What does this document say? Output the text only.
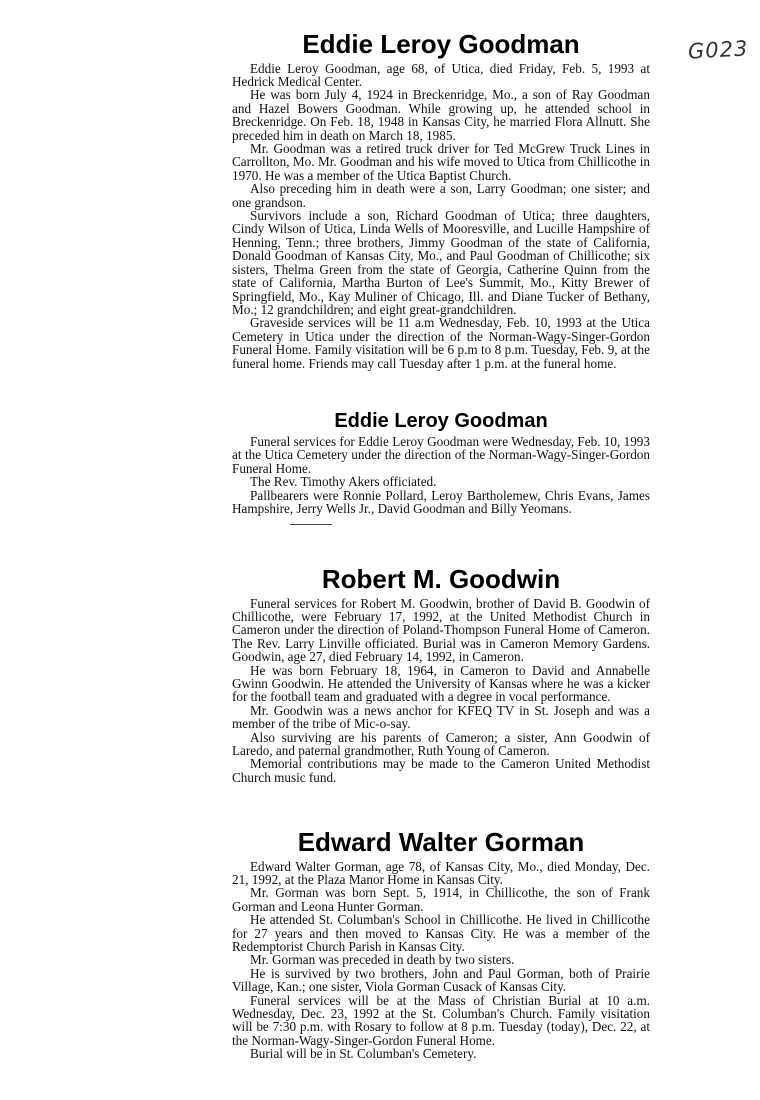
G023
Eddie Leroy Goodman

Eddie Leroy Goodman, age 68, of Utica, died Friday, Feb. 5, 1993 at Hedrick Medical Center.

He was born July 4, 1924 in Breckenridge, Mo., a son of Ray Goodman and Hazel Bowers Goodman. While growing up, he attended school in Breckenridge. On Feb. 18, 1948 in Kansas City, he married Flora Allnutt. She preceded him in death on March 18, 1985.

Mr. Goodman was a retired truck driver for Ted McGrew Truck Lines in Carrollton, Mo. Mr. Goodman and his wife moved to Utica from Chillicothe in 1970. He was a member of the Utica Baptist Church.

Also preceding him in death were a son, Larry Goodman; one sister; and one grandson.

Survivors include a son, Richard Goodman of Utica; three daughters, Cindy Wilson of Utica, Linda Wells of Mooresville, and Lucille Hampshire of Henning, Tenn.; three brothers, Jimmy Goodman of the state of California, Donald Goodman of Kansas City, Mo., and Paul Goodman of Chillicothe; six sisters, Thelma Green from the state of Georgia, Catherine Quinn from the state of California, Martha Burton of Lee's Summit, Mo., Kitty Brewer of Springfield, Mo., Kay Muliner of Chicago, Ill. and Diane Tucker of Bethany, Mo.; 12 grandchildren; and eight great-grandchildren.

Graveside services will be 11 a.m Wednesday, Feb. 10, 1993 at the Utica Cemetery in Utica under the direction of the Norman-Wagy-Singer-Gordon Funeral Home. Family visitation will be 6 p.m to 8 p.m. Tuesday, Feb. 9, at the funeral home. Friends may call Tuesday after 1 p.m. at the funeral home.

Eddie Leroy Goodman

Funeral services for Eddie Leroy Goodman were Wednesday, Feb. 10, 1993 at the Utica Cemetery under the direction of the Norman-Wagy-Singer-Gordon Funeral Home.

The Rev. Timothy Akers officiated.

Pallbearers were Ronnie Pollard, Leroy Bartholemew, Chris Evans, James Hampshire, Jerry Wells Jr., David Goodman and Billy Yeomans.

Robert M. Goodwin

Funeral services for Robert M. Goodwin, brother of David B. Goodwin of Chillicothe, were February 17, 1992, at the United Methodist Church in Cameron under the direction of Poland-Thompson Funeral Home of Cameron. The Rev. Larry Linville officiated. Burial was in Cameron Memory Gardens. Goodwin, age 27, died February 14, 1992, in Cameron.

He was born February 18, 1964, in Cameron to David and Annabelle Gwinn Goodwin. He attended the University of Kansas where he was a kicker for the football team and graduated with a degree in vocal performance.

Mr. Goodwin was a news anchor for KFEQ TV in St. Joseph and was a member of the tribe of Mic-o-say.

Also surviving are his parents of Cameron; a sister, Ann Goodwin of Laredo, and paternal grandmother, Ruth Young of Cameron.

Memorial contributions may be made to the Cameron United Methodist Church music fund.

Edward Walter Gorman

Edward Walter Gorman, age 78, of Kansas City, Mo., died Monday, Dec. 21, 1992, at the Plaza Manor Home in Kansas City.

Mr. Gorman was born Sept. 5, 1914, in Chillicothe, the son of Frank Gorman and Leona Hunter Gorman.

He attended St. Columban's School in Chillicothe. He lived in Chillicothe for 27 years and then moved to Kansas City. He was a member of the Redemptorist Church Parish in Kansas City.

Mr. Gorman was preceded in death by two sisters.

He is survived by two brothers, John and Paul Gorman, both of Prairie Village, Kan.; one sister, Viola Gorman Cusack of Kansas City.

Funeral services will be at the Mass of Christian Burial at 10 a.m. Wednesday, Dec. 23, 1992 at the St. Columban's Church. Family visitation will be 7:30 p.m. with Rosary to follow at 8 p.m. Tuesday (today), Dec. 22, at the Norman-Wagy-Singer-Gordon Funeral Home.

Burial will be in St. Columban's Cemetery.
